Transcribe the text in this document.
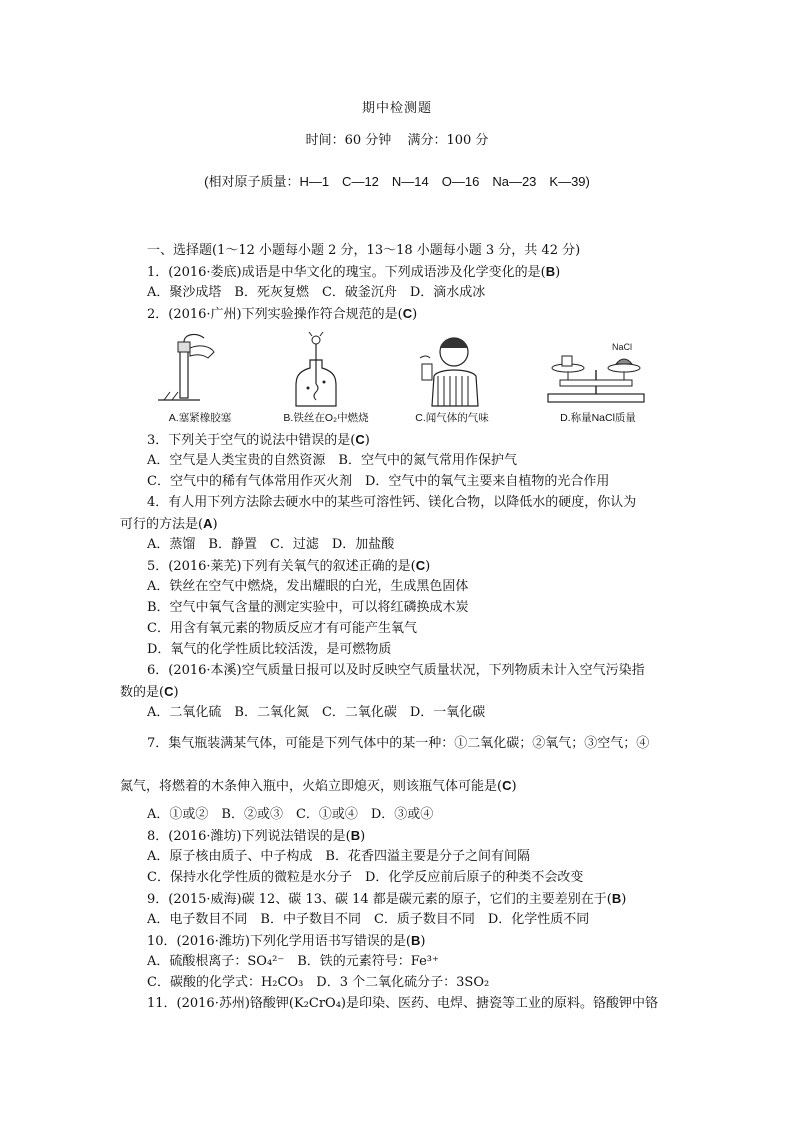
期中检测题
时间：60 分钟 满分：100 分
(相对原子质量：H—1　C—12　N—14　O—16　Na—23　K—39)
一、选择题(1～12 小题每小题 2 分，13～18 小题每小题 3 分，共 42 分)
1．(2016·娄底)成语是中华文化的瑰宝。下列成语涉及化学变化的是(B)
A．聚沙成塔　B．死灰复燃　C．破釜沉舟　D．滴水成冰
2．(2016·广州)下列实验操作符合规范的是(C)
A.塞紧橡胶塞	B.铁丝在O₂中燃烧	C.闻气体的气味
NaCl
D.称量NaCl质量
3．下列关于空气的说法中错误的是(C)
A．空气是人类宝贵的自然资源　B．空气中的氮气常用作保护气
C．空气中的稀有气体常用作灭火剂　D．空气中的氧气主要来自植物的光合作用
4．有人用下列方法除去硬水中的某些可溶性钙、镁化合物，以降低水的硬度，你认为
可行的方法是(A)
A．蒸馏　B．静置　C．过滤　D．加盐酸
5．(2016·莱芜)下列有关氧气的叙述正确的是(C)
A．铁丝在空气中燃烧，发出耀眼的白光，生成黑色固体
B．空气中氧气含量的测定实验中，可以将红磷换成木炭
C．用含有氧元素的物质反应才有可能产生氧气
D．氧气的化学性质比较活泼，是可燃物质
6．(2016·本溪)空气质量日报可以及时反映空气质量状况，下列物质未计入空气污染指
数的是(C)
A．二氧化硫　B．二氧化氮　C．二氧化碳　D．一氧化碳
7．集气瓶装满某气体，可能是下列气体中的某一种：①二氧化碳；②氧气；③空气；④
氮气，将燃着的木条伸入瓶中，火焰立即熄灭，则该瓶气体可能是(C)
A．①或②　B．②或③　C．①或④　D．③或④
8．(2016·潍坊)下列说法错误的是(B)
A．原子核由质子、中子构成　B．花香四溢主要是分子之间有间隔
C．保持水化学性质的微粒是水分子　D．化学反应前后原子的种类不会改变
9．(2015·威海)碳 12、碳 13、碳 14 都是碳元素的原子，它们的主要差别在于(B)
A．电子数目不同　B．中子数目不同　C．质子数目不同　D．化学性质不同
10．(2016·潍坊)下列化学用语书写错误的是(B)
A．硫酸根离子：SO₄²⁻　B．铁的元素符号：Fe³⁺
C．碳酸的化学式：H₂CO₃　D．3 个二氧化硫分子：3SO₂
11．(2016·苏州)铬酸钾(K₂CrO₄)是印染、医药、电焊、搪瓷等工业的原料。铬酸钾中铬
